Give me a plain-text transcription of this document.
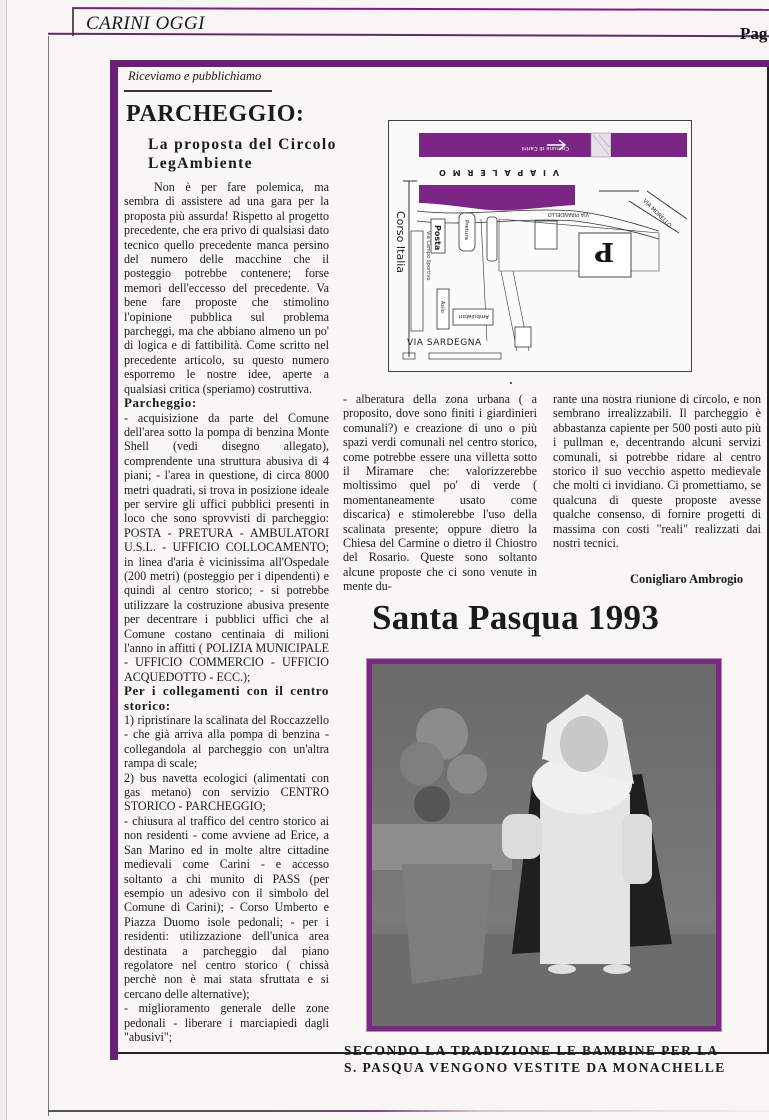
CARINI OGGI	Pag
Riceviamo e pubblichiamo
PARCHEGGIO:
La proposta del Circolo LegAmbiente

Non è per fare polemica, ma sembra di assistere ad una gara per la proposta più assurda! Rispetto al progetto precedente, che era privo di qualsiasi dato tecnico quello precedente manca persino del numero delle macchine che il posteggio potrebbe contenere; forse memori dell'eccesso del precedente. Va bene fare proposte che stimolino l'opinione pubblica sul problema parcheggi, ma che abbiano almeno un po' di logica e di fattibilità. Come scritto nel precedente articolo, su questo numero esporremo le nostre idee, aperte a qualsiasi critica (speriamo) costruttiva.

Parcheggio:

- acquisizione da parte del Comune dell'area sotto la pompa di benzina Monte Shell (vedi disegno allegato), comprendente una struttura abusiva di 4 piani; - l'area in questione, di circa 8000 metri quadrati, si trova in posizione ideale per servire gli uffici pubblici presenti in loco che sono sprovvisti di parcheggio: POSTA - PRETURA - AMBULATORI U.S.L. - UFFICIO COLLOCAMENTO; in linea d'aria è vicinissima all'Ospedale (200 metri) (posteggio per i dipendenti) e quindi al centro storico; - si potrebbe utilizzare la costruzione abusiva presente per decentrare i pubblici uffici che al Comune costano centinaia di milioni l'anno in affitti ( POLIZIA MUNICIPALE - UFFICIO COMMERCIO - UFFICIO ACQUEDOTTO - ECC.);

Per i collegamenti con il centro storico:

1) ripristinare la scalinata del Roccazzello - che già arriva alla pompa di benzina - collegandola al parcheggio con un'altra rampa di scale;

2) bus navetta ecologici (alimentati con gas metano) con servizio CENTRO STORICO - PARCHEGGIO;

- chiusura al traffico del centro storico ai non residenti - come avviene ad Erice, a San Marino ed in molte altre cittadine medievali come Carini - e accesso soltanto a chi munito di PASS (per esempio un adesivo con il simbolo del Comune di Carini); - Corso Umberto e Piazza Duomo isole pedonali; - per i residenti: utilizzazione dell'unica area destinata a parcheggio dal piano regolatore nel centro storico ( chissà perchè non è mai stata sfruttata e si cercano delle alternative);

- miglioramento generale delle zone pedonali - liberare i marciapiedi dagli "abusivi";

Comune di Carini
V I A P A L E R M O
VIA PIRANDELLO	VIA MORELLO
Corso Italia	Via Campo Sportivo Posta	Pretura
P
Asilo
Ambulatori
VIA SARDEGNA

- alberatura della zona urbana ( a proposito, dove sono finiti i giardinieri comunali?) e creazione di uno o più spazi verdi comunali nel centro storico, come potrebbe essere una villetta sotto il Miramare che: valorizzerebbe moltissimo quel po' di verde ( momentaneamente usato come discarica) e stimolerebbe l'uso della scalinata presente; oppure dietro la Chiesa del Carmine o dietro il Chiostro del Rosario. Queste sono soltanto alcune proposte che ci sono venute in mente du-

rante una nostra riunione di circolo, e non sembrano irrealizzabili. Il parcheggio è abbastanza capiente per 500 posti auto più i pullman e, decentrando alcuni servizi comunali, si potrebbe ridare al centro storico il suo vecchio aspetto medievale che molti ci invidiano. Ci promettiamo, se qualcuna di queste proposte avesse qualche consenso, di fornire progetti di massima con costi "reali" realizzati dai nostri tecnici.

Conigliaro Ambrogio
Santa Pasqua 1993
SECONDO LA TRADIZIONE LE BAMBINE PER LA
S. PASQUA VENGONO VESTITE DA MONACHELLE
